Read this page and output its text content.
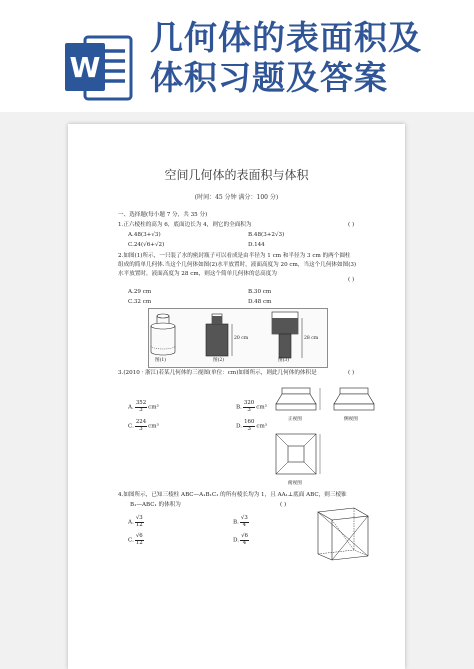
W
几何体的表面积及
体积习题及答案
空间几何体的表面积与体积
(时间：45 分钟 满分：100 分)
一、选择题(每小题 7 分，共 35 分)
1.正六棱柱的高为 6，底面边长为 4，则它的全面积为	( )
A.48(3+√3)	B.48(3+2√3)
C.24(√6+√2)	D.144
2.如图(1)所示，一只装了水的密封瓶子可以看成是由半径为 1 cm 和半径为 3 cm 的两个圆柱
组成的简单几何体.当这个几何体如图(2)水平放置时，液面高度为 20 cm，当这个几何体如图(3)
水平放置时，液面高度为 28 cm，则这个简单几何体的总高度为
( )
A.29 cm	B.30 cm
C.32 cm	D.48 cm
图(1)	图(2)	图(3)
20 cm	28 cm
3.(2010 · 浙江)若某几何体的三视图(单位：cm)如图所示，则此几何体的体积是	( )
A. $\frac{352}{3} cm^3$	B. $\frac{320}{3} cm^3$
C. $\frac{224}{3} cm^3$	D. $\frac{160}{3} cm^3$
正视图	侧视图
俯视图
4.如图所示，已知三棱柱 ABC—A₁B₁C₁ 的所有棱长均为 1，且 AA₁⊥底面 ABC，则三棱锥
B₁—ABC₁ 的体积为	( )
A. $\frac{√3}{12}$	B. $\frac{√3}{4}$
C. $\frac{√6}{12}$	D. $\frac{√6}{4}$
